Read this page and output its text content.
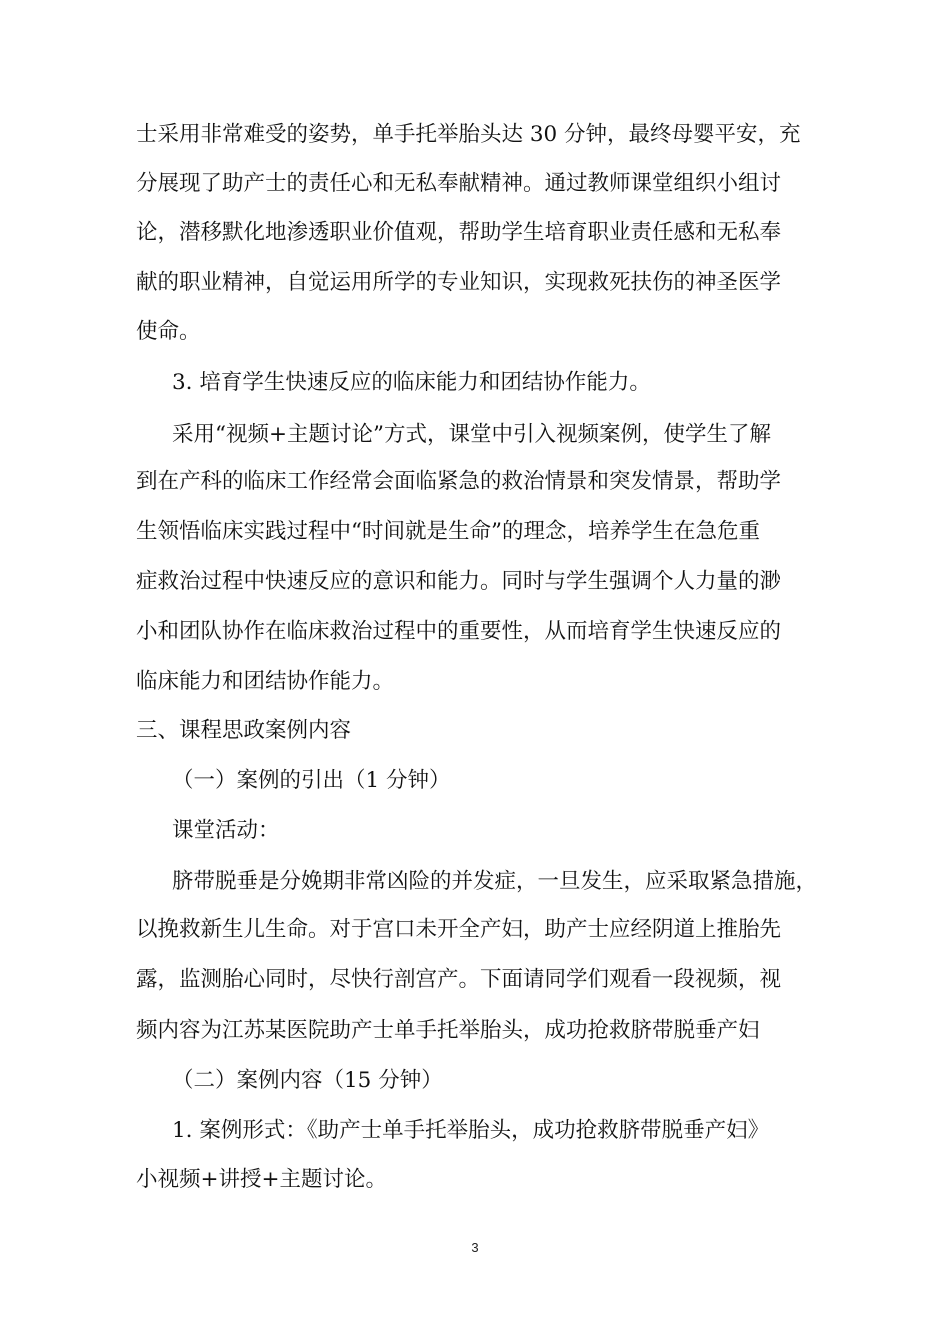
士采用非常难受的姿势，单手托举胎头达 30 分钟，最终母婴平安，充
分展现了助产士的责任心和无私奉献精神。通过教师课堂组织小组讨
论，潜移默化地渗透职业价值观，帮助学生培育职业责任感和无私奉
献的职业精神，自觉运用所学的专业知识，实现救死扶伤的神圣医学
使命。
3. 培育学生快速反应的临床能力和团结协作能力。
采用“视频+主题讨论”方式，课堂中引入视频案例，使学生了解
到在产科的临床工作经常会面临紧急的救治情景和突发情景，帮助学
生领悟临床实践过程中“时间就是生命”的理念，培养学生在急危重
症救治过程中快速反应的意识和能力。同时与学生强调个人力量的渺
小和团队协作在临床救治过程中的重要性，从而培育学生快速反应的
临床能力和团结协作能力。
三、课程思政案例内容
（一）案例的引出（1 分钟）
课堂活动：
脐带脱垂是分娩期非常凶险的并发症，一旦发生，应采取紧急措施，
以挽救新生儿生命。对于宫口未开全产妇，助产士应经阴道上推胎先
露，监测胎心同时，尽快行剖宫产。下面请同学们观看一段视频，视
频内容为江苏某医院助产士单手托举胎头，成功抢救脐带脱垂产妇
（二）案例内容（15 分钟）
1. 案例形式：《助产士单手托举胎头，成功抢救脐带脱垂产妇》
小视频+讲授+主题讨论。
3
